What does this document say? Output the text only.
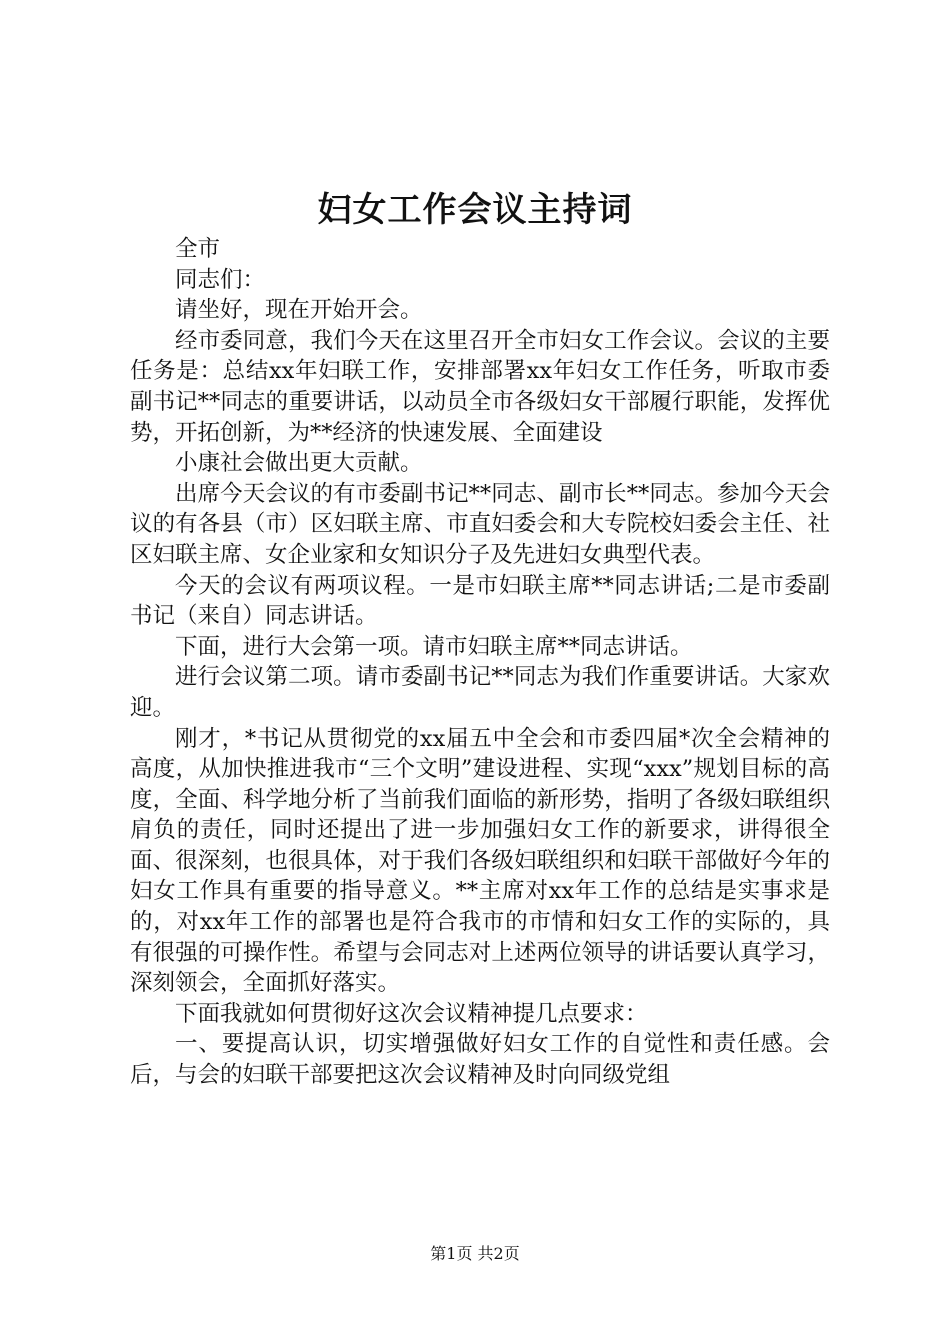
妇女工作会议主持词

全市

同志们：

请坐好，现在开始开会。

经市委同意，我们今天在这里召开全市妇女工作会议。会议的主要任务是：总结xx年妇联工作，安排部署xx年妇女工作任务，听取市委副书记**同志的重要讲话，以动员全市各级妇女干部履行职能，发挥优势，开拓创新，为**经济的快速发展、全面建设

小康社会做出更大贡献。

出席今天会议的有市委副书记**同志、副市长**同志。参加今天会议的有各县（市）区妇联主席、市直妇委会和大专院校妇委会主任、社区妇联主席、女企业家和女知识分子及先进妇女典型代表。

今天的会议有两项议程。一是市妇联主席**同志讲话;二是市委副书记（来自）同志讲话。

下面，进行大会第一项。请市妇联主席**同志讲话。

进行会议第二项。请市委副书记**同志为我们作重要讲话。大家欢迎。

刚才，*书记从贯彻党的xx届五中全会和市委四届*次全会精神的高度，从加快推进我市“三个文明”建设进程、实现“xxx”规划目标的高度，全面、科学地分析了当前我们面临的新形势，指明了各级妇联组织肩负的责任，同时还提出了进一步加强妇女工作的新要求，讲得很全面、很深刻，也很具体，对于我们各级妇联组织和妇联干部做好今年的妇女工作具有重要的指导意义。**主席对xx年工作的总结是实事求是的，对xx年工作的部署也是符合我市的市情和妇女工作的实际的，具有很强的可操作性。希望与会同志对上述两位领导的讲话要认真学习，深刻领会，全面抓好落实。

下面我就如何贯彻好这次会议精神提几点要求：

一、要提高认识，切实增强做好妇女工作的自觉性和责任感。会后，与会的妇联干部要把这次会议精神及时向同级党组

第1页 共2页
